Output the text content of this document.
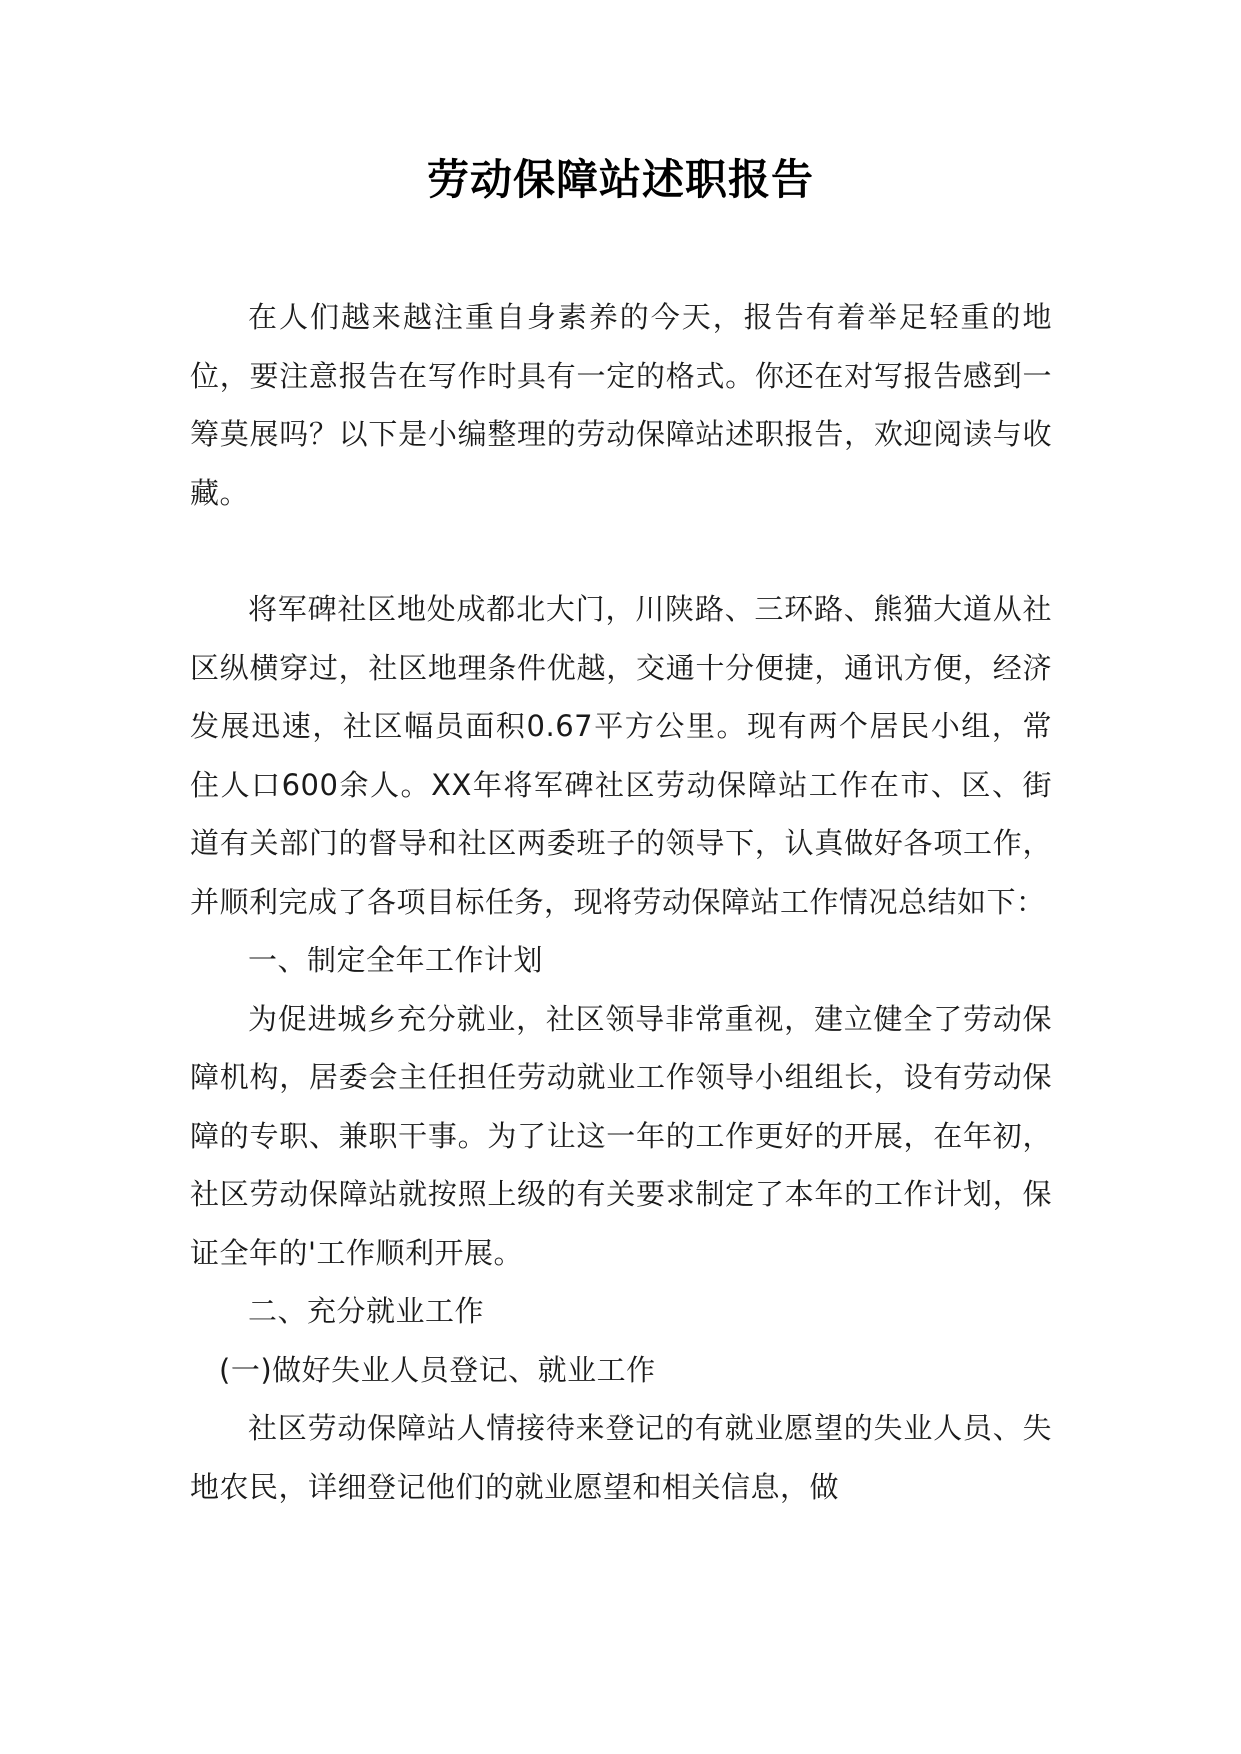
劳动保障站述职报告

在人们越来越注重自身素养的今天，报告有着举足轻重的地位，要注意报告在写作时具有一定的格式。你还在对写报告感到一筹莫展吗？以下是小编整理的劳动保障站述职报告，欢迎阅读与收藏。

将军碑社区地处成都北大门，川陕路、三环路、熊猫大道从社区纵横穿过，社区地理条件优越，交通十分便捷，通讯方便，经济发展迅速，社区幅员面积0.67平方公里。现有两个居民小组，常住人口600余人。XX年将军碑社区劳动保障站工作在市、区、街道有关部门的督导和社区两委班子的领导下，认真做好各项工作，并顺利完成了各项目标任务，现将劳动保障站工作情况总结如下：

一、制定全年工作计划

为促进城乡充分就业，社区领导非常重视，建立健全了劳动保障机构，居委会主任担任劳动就业工作领导小组组长，设有劳动保障的专职、兼职干事。为了让这一年的工作更好的开展，在年初，社区劳动保障站就按照上级的有关要求制定了本年的工作计划，保证全年的'工作顺利开展。

二、充分就业工作

(一)做好失业人员登记、就业工作

社区劳动保障站人情接待来登记的有就业愿望的失业人员、失地农民，详细登记他们的就业愿望和相关信息，做
